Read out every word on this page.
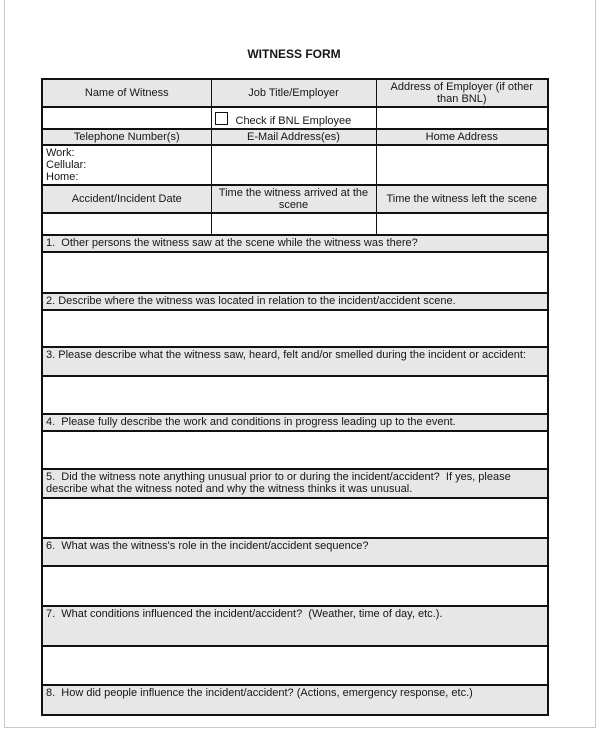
WITNESS FORM
Name of Witness	Job Title/Employer	Address of Employer (if other than BNL)
	Check if BNL Employee	
Telephone Number(s)	E-Mail Address(es)	Home Address

Work:
Cellular:
Home:		

Accident/Incident Date	Time the witness arrived at the scene	Time the witness left the scene

1.  Other persons the witness saw at the scene while the witness was there?		

2. Describe where the witness was located in relation to the incident/accident scene.		

3. Please describe what the witness saw, heard, felt and/or smelled during the incident or accident:		

4.  Please fully describe the work and conditions in progress leading up to the event.		

5.  Did the witness note anything unusual prior to or during the incident/accident?  If yes, please describe what the witness noted and why the witness thinks it was unusual.		

6.  What was the witness's role in the incident/accident sequence?		

7.  What conditions influenced the incident/accident?  (Weather, time of day, etc.).		

8.  How did people influence the incident/accident? (Actions, emergency response, etc.)		
